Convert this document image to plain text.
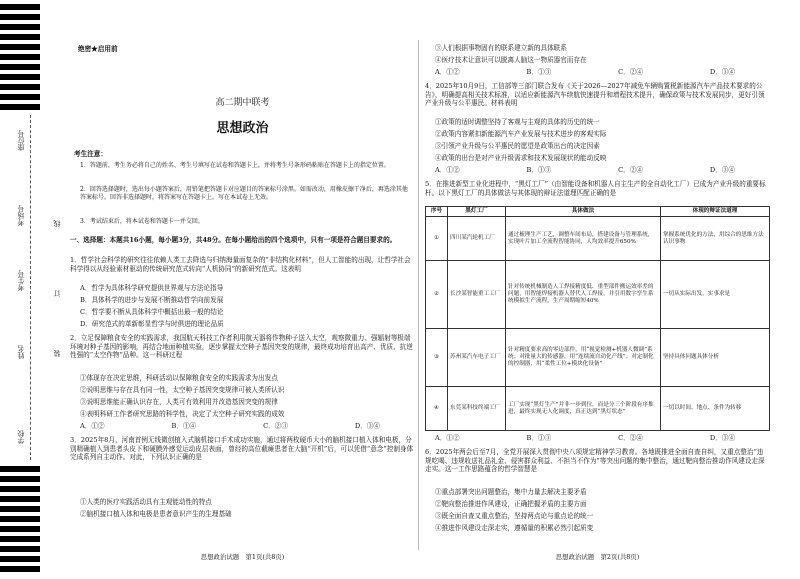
座位号
考场号
考生号
姓名
学校
线
订
装
绝密★启用前
高二期中联考
思想政治
考生注意：
1．答题前，考生务必将自己的姓名、考生号填写在试卷和答题卡上，并将考生号条形码粘贴在答题卡上的指定位置。
2．回答选择题时，选出每小题答案后，用铅笔把答题卡对应题目的答案标号涂黑。如需改动，用橡皮擦干净后，再选涂其他答案标号。回答非选择题时，将答案写在答题卡上。写在本试卷上无效。
3．考试结束后，将本试卷和答题卡一并交回。
一、选择题：本题共16小题，每小题3分，共48分。在每小题给出的四个选项中，只有一项是符合题目要求的。
1．哲学社会科学的研究往往依赖人类工去降选与归纳海量面复杂的“非结构化材料”，但人工智能的出现，让哲学社会科学得以从经验素材驱动的传统研究范式转向“人机协同”的新研究范式。这表明
A．哲学为具体科学研究提供世界观与方法论指导
B．具体科学的进步与发展不断推动哲学向前发展
C．哲学要不断从具体科学中概括出最一般的结论
D．研究范式的革新彰显哲学与时俱进的理论品质
2．立足保障粮食安全的实践需求，我国航天科技工作者利用航天器将作物种子送入太空，观察微重力、强辐射等极端环境对种子基因的影响，再结合地面种植实验，逐步掌握太空种子基因突变的规律，最终成功培育出高产、优质、抗逆性强的“太空作物”品种。这一科研过程
①体现存在决定思维，科研活动以保障粮食安全的实践需求为出发点
②说明思维与存在具有同一性，太空种子基因突变规律可被人类所认识
③说明思维能正确认识存在，人类可有效利用并改造基因突变的规律
④表明科研工作者研究思路的科学性，决定了太空种子研究实践的成效
A．①②	B．①④	C．②③	D．③④
3．2025年8月，河南首例无线微创植入式脑机接口手术成功实施，通过将两枚硬币大小的脑机接口植入体和电极，分别精确植入到患者头皮下和硬膜外感觉运动皮层表面，曾经的高位截瘫患者在大脑“开机”后，可以凭借“意念”控制身体完成系列自主动作。对此，下列认识正确的是
①人类的医疗实践活动具有主观能动性的特点
②脑机接口植入体和电极是患者意识产生的生理基础
思想政治试题　第1页(共8页)
③人们根据事物固有的联系建立新的具体联系
④医疗技术让意识可以脱离人脑这一物质器官而存在
A．①②	B．①③	C．②④	D．③④
4．2025年10月9日，工信部等三部门联合发布《关于2026—2027年减免车辆购置税新能源汽车产品技术要求的公告》，明确提高相关技术标准，以适应新能源汽车续航快速提升和增程技术提升，确保政策与技术发展同步，更好引领产业升级与公平惠民。材料表明
①政策的适时调整坚持了客观与主观的具体的历史的统一
②政策内容紧扣新能源汽车产业发展与技术进步的客观实际
③引领产业升级与公平惠民的愿望是政策出台的决定因素
④政策的出台是对产业升级需求和技术发展现状的能动反映
A．①②	B．①③	C．②④	D．③④
5．在推进新型工业化进程中，“黑灯工厂”（由智能设备和机器人自主生产的全自动化工厂）已成为产业升级的重要标杆。以下黑灯工厂的具体做法与其体现的辩证法道理匹配正确的是
序号	黑灯工厂	具体做法	体现的辩证法道理
①	四川某汽轮机工厂	通过梳理生产工艺，调整车间布局，搭建设备与管理系统，实现叶片加工全流程智能协同，人均效率提升650%	掌握系统优化的方法，用综合的思维方法认识事物
②	长沙某智能重工工厂	针对传统机械制造人工焊接精度低、重型部件搬运效率差的问题，用智能焊接机器人替代人工焊接，并引用数字孪生系统模拟生产流程，生产周期缩短40%	一切从实际出发，实事求是
③	苏州某汽车电子工厂	针对精度要求高的零边部件，用“视觉检测+机器人微调”系统；对批量大的传感器，用“连续流自动化产线”；对定制化的控制器，用“柔性工位+模块化设备”	坚持具体问题具体分析
④	东莞某科技终端工厂	工厂实现“黑灯生产”并非一步到位，而是分三个阶段有序推进，最终实现无人化调度，真正达到“黑灯状态”	一切以时间、地点、条件为转移
A．①②	B．①③	C．②④	D．③④
6．2025年两会后至7月，全党开展深入贯彻中央八项规定精神学习教育。各地既推进全面自查自纠，又重点整治“违规吃喝、违规收送礼品礼金、侵害群众利益、不担当不作为”等突出问题的集中整治，通过靶向整治推动作风建设走深走实。这一工作思路蕴含的哲学智慧是
①重点部署突出问题整治，集中力量去解决主要矛盾
②靶向整治推进作风建设，正确把握矛盾的主要方面
③既全面自查又重点整治，坚持两点论与重点论的统一
④推进作风建设走深走实，遵循量的积累必然引起质变
思想政治试题　第2页(共8页)
